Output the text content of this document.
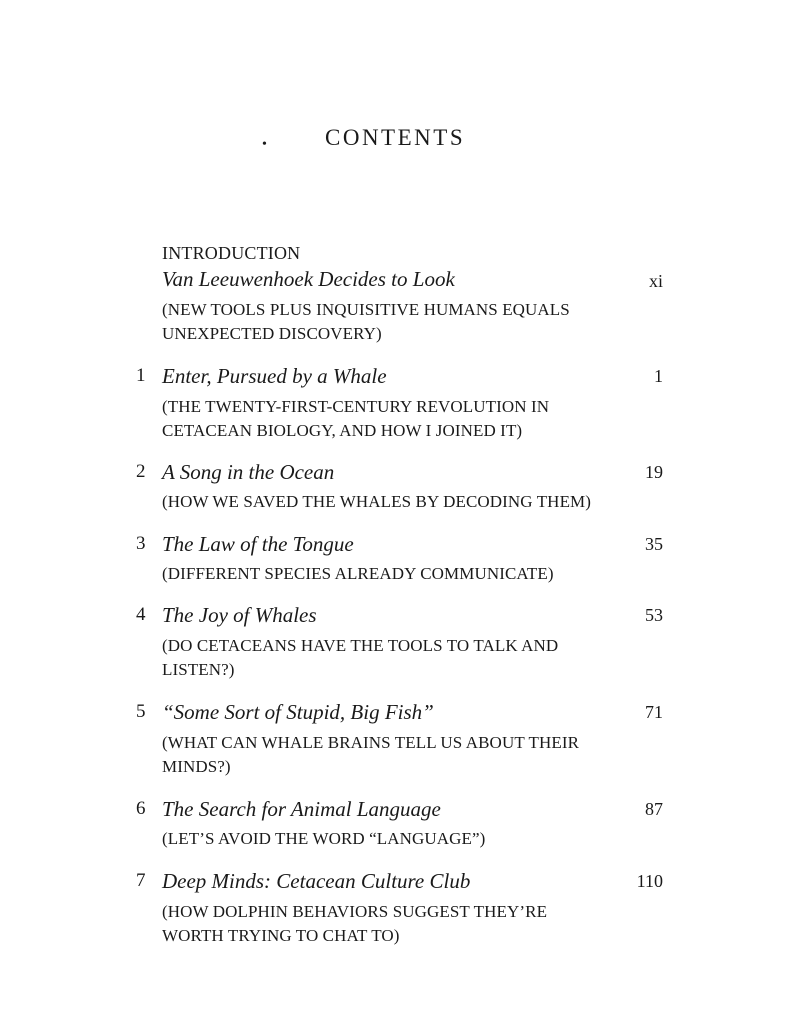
•	CONTENTS
INTRODUCTION
Van Leeuwenhoek Decides to Look	xi
(NEW TOOLS PLUS INQUISITIVE HUMANS EQUALS
UNEXPECTED DISCOVERY)
1 Enter, Pursued by a Whale	1
(THE TWENTY-FIRST-CENTURY REVOLUTION IN
CETACEAN BIOLOGY, AND HOW I JOINED IT)
2 A Song in the Ocean	19
(HOW WE SAVED THE WHALES BY DECODING THEM)
3 The Law of the Tongue	35
(DIFFERENT SPECIES ALREADY COMMUNICATE)
4 The Joy of Whales	53
(DO CETACEANS HAVE THE TOOLS TO TALK AND
LISTEN?)
5 “Some Sort of Stupid, Big Fish”	71
(WHAT CAN WHALE BRAINS TELL US ABOUT THEIR
MINDS?)
6 The Search for Animal Language	87
(LET’S AVOID THE WORD “LANGUAGE”)
7 Deep Minds: Cetacean Culture Club	110
(HOW DOLPHIN BEHAVIORS SUGGEST THEY’RE
WORTH TRYING TO CHAT TO)
